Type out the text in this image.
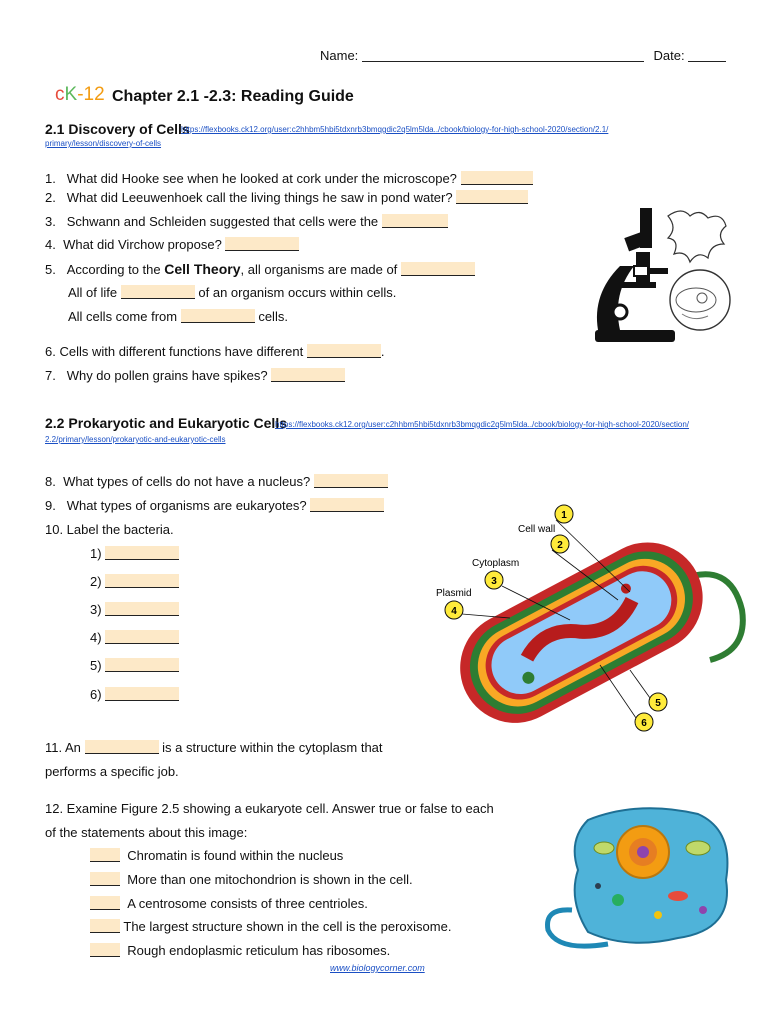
Name:	Date:
cK-12 Chapter 2.1 -2.3: Reading Guide
2.1 Discovery of Cells
https://flexbooks.ck12.org/user:c2hhbm5hbi5tdxnrb3bmqgdic2q5lm5lda../cbook/biology-for-high-school-2020/section/2.1/
primary/lesson/discovery-of-cells
1. What did Hooke see when he looked at cork under the microscope?
2. What did Leeuwenhoek call the living things he saw in pond water?
3. Schwann and Schleiden suggested that cells were the
4. What did Virchow propose?
5. According to the Cell Theory, all organisms are made of
All of life	of an organism occurs within cells.
All cells come from	cells.
6. Cells with different functions have different	.
7. Why do pollen grains have spikes?
2.2 Prokaryotic and Eukaryotic Cells
https://flexbooks.ck12.org/user:c2hhbm5hbi5tdxnrb3bmqgdic2q5lm5lda../cbook/biology-for-high-school-2020/section/
2.2/primary/lesson/prokaryotic-and-eukaryotic-cells
8. What types of cells do not have a nucleus?
9. What types of organisms are eukaryotes?
10. Label the bacteria.
1)
2)
3)
4)
5)
6)
Cell wall
Cytoplasm
Plasmid
1
2
3
4
5
6
11. An	is a structure within the cytoplasm that
performs a specific job.
12. Examine Figure 2.5 showing a eukaryote cell. Answer true or false to each
of the statements about this image:
Chromatin is found within the nucleus
More than one mitochondrion is shown in the cell.
A centrosome consists of three centrioles.
The largest structure shown in the cell is the peroxisome.
Rough endoplasmic reticulum has ribosomes.
www.biologycorner.com
